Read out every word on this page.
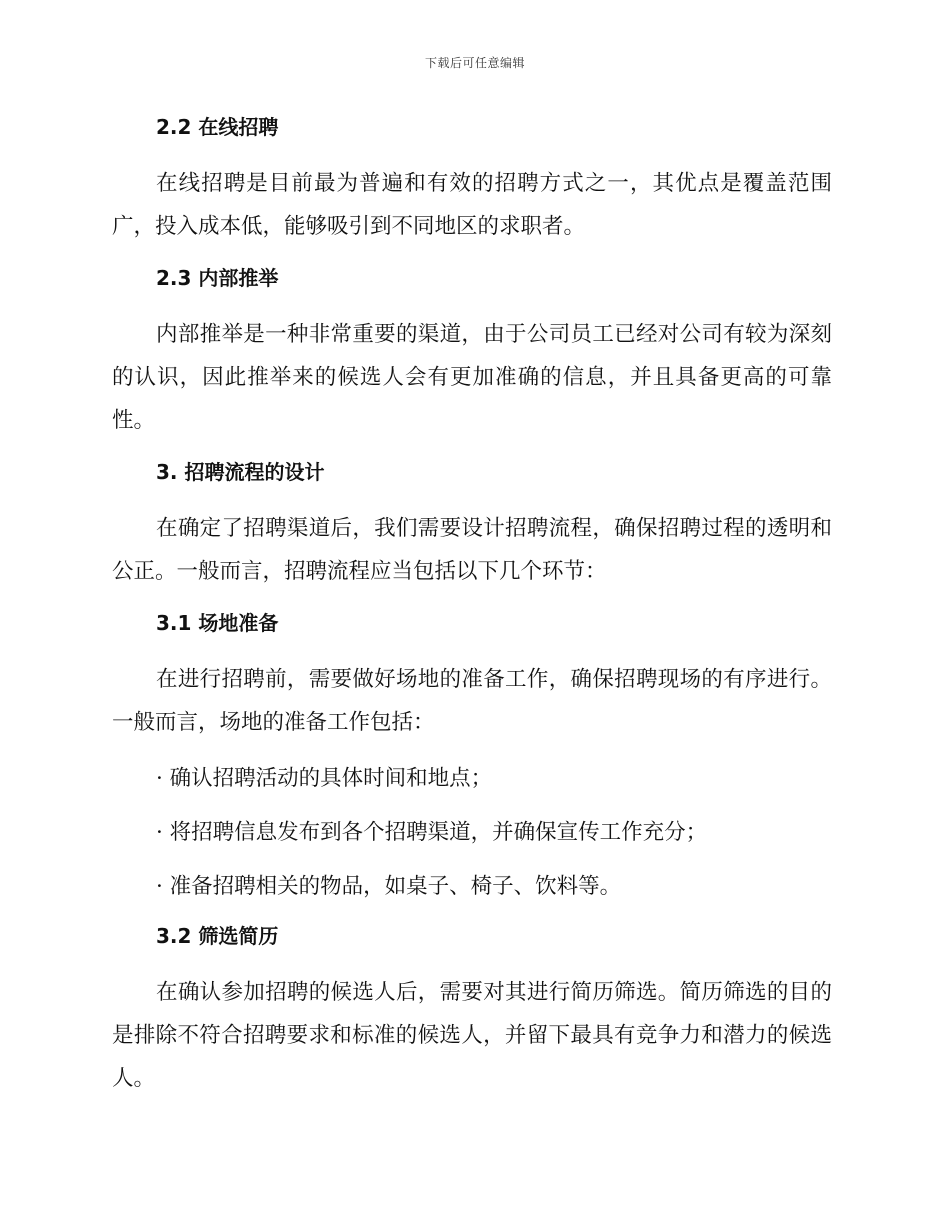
下载后可任意编辑
2.2 在线招聘

在线招聘是目前最为普遍和有效的招聘方式之一，其优点是覆盖范围广，投入成本低，能够吸引到不同地区的求职者。

2.3 内部推举

内部推举是一种非常重要的渠道，由于公司员工已经对公司有较为深刻的认识，因此推举来的候选人会有更加准确的信息，并且具备更高的可靠性。

3. 招聘流程的设计

在确定了招聘渠道后，我们需要设计招聘流程，确保招聘过程的透明和公正。一般而言，招聘流程应当包括以下几个环节：

3.1 场地准备

在进行招聘前，需要做好场地的准备工作，确保招聘现场的有序进行。一般而言，场地的准备工作包括：

· 确认招聘活动的具体时间和地点；
· 将招聘信息发布到各个招聘渠道，并确保宣传工作充分；
· 准备招聘相关的物品，如桌子、椅子、饮料等。
3.2 筛选简历

在确认参加招聘的候选人后，需要对其进行简历筛选。简历筛选的目的是排除不符合招聘要求和标准的候选人，并留下最具有竞争力和潜力的候选人。
